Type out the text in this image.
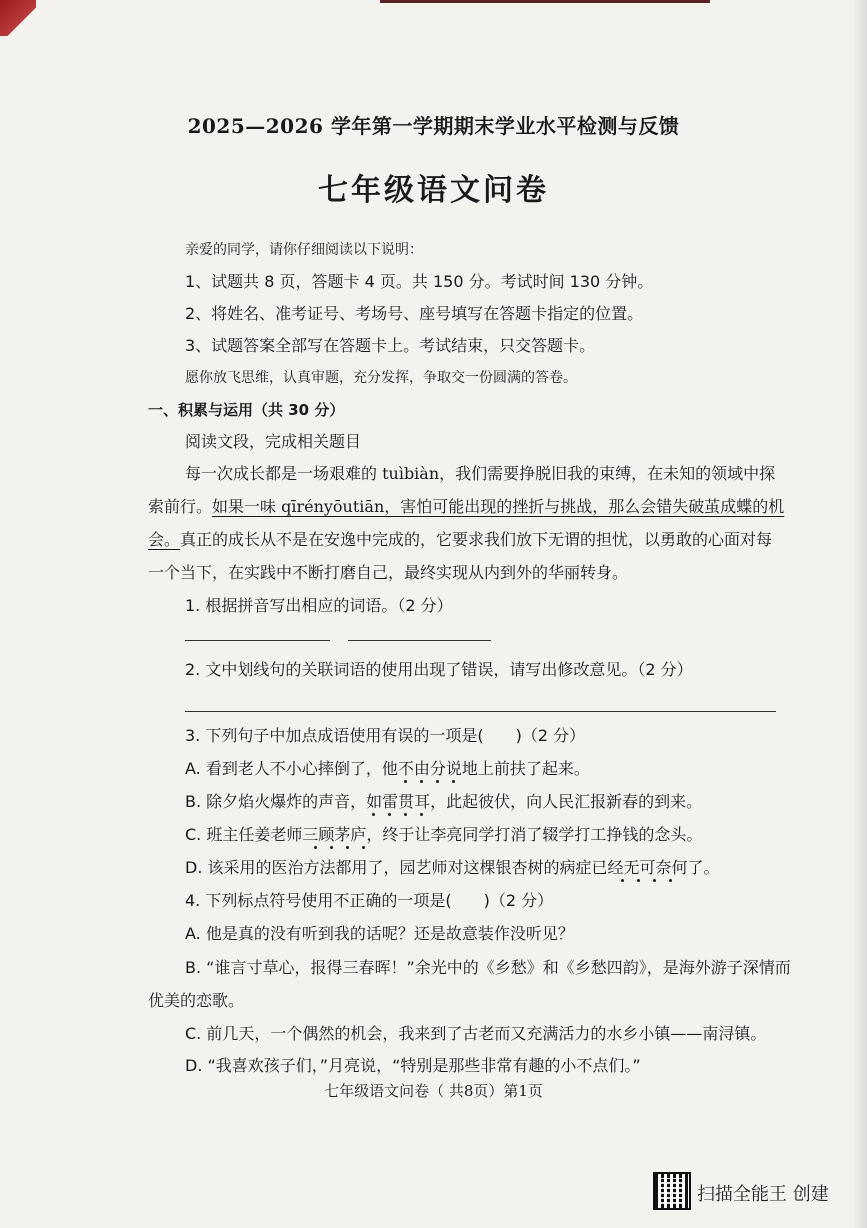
2025—2026 学年第一学期期末学业水平检测与反馈
七年级语文问卷
亲爱的同学，请你仔细阅读以下说明：
1、试题共 8 页，答题卡 4 页。共 150 分。考试时间 130 分钟。
2、将姓名、准考证号、考场号、座号填写在答题卡指定的位置。
3、试题答案全部写在答题卡上。考试结束，只交答题卡。
愿你放飞思维，认真审题，充分发挥，争取交一份圆满的答卷。
一、积累与运用（共 30 分）
阅读文段，完成相关题目
每一次成长都是一场艰难的 tuìbiàn，我们需要挣脱旧我的束缚，在未知的领域中探
索前行。如果一味 qīrényōutiān，害怕可能出现的挫折与挑战，那么会错失破茧成蝶的机
会。真正的成长从不是在安逸中完成的，它要求我们放下无谓的担忧，以勇敢的心面对每
一个当下，在实践中不断打磨自己，最终实现从内到外的华丽转身。
1. 根据拼音写出相应的词语。（2 分）
2. 文中划线句的关联词语的使用出现了错误，请写出修改意见。（2 分）
3. 下列句子中加点成语使用有误的一项是(　　)（2 分）
A. 看到老人不小心摔倒了，他不由分说地上前扶了起来。
B. 除夕焰火爆炸的声音，如雷贯耳，此起彼伏，向人民汇报新春的到来。
C. 班主任姜老师三顾茅庐，终于让李亮同学打消了辍学打工挣钱的念头。
D. 该采用的医治方法都用了，园艺师对这棵银杏树的病症已经无可奈何了。
4. 下列标点符号使用不正确的一项是(　　)（2 分）
A. 他是真的没有听到我的话呢？还是故意装作没听见？
B. “谁言寸草心，报得三春晖！”余光中的《乡愁》和《乡愁四韵》，是海外游子深情而
优美的恋歌。
C. 前几天，一个偶然的机会，我来到了古老而又充满活力的水乡小镇——南浔镇。
D. “我喜欢孩子们，”月亮说，“特别是那些非常有趣的小不点们。”
七年级语文问卷（ 共8页）第1页
扫描全能王 创建
